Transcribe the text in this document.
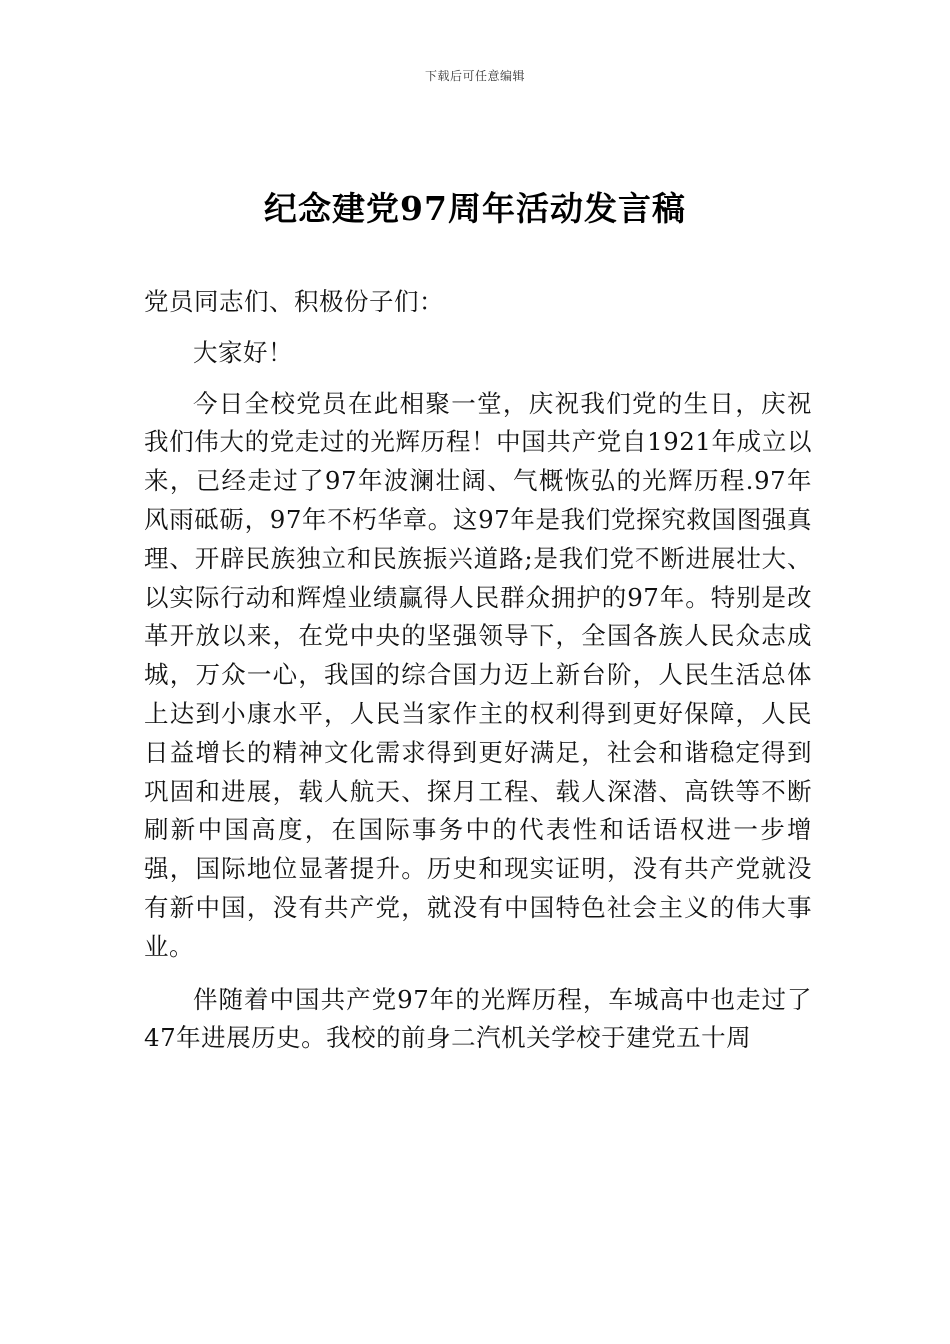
下载后可任意编辑
纪念建党97周年活动发言稿

党员同志们、积极份子们：

大家好！

今日全校党员在此相聚一堂，庆祝我们党的生日，庆祝我们伟大的党走过的光辉历程！中国共产党自1921年成立以来，已经走过了97年波澜壮阔、气概恢弘的光辉历程.97年风雨砥砺，97年不朽华章。这97年是我们党探究救国图强真理、开辟民族独立和民族振兴道路;是我们党不断进展壮大、以实际行动和辉煌业绩赢得人民群众拥护的97年。特别是改革开放以来，在党中央的坚强领导下，全国各族人民众志成城，万众一心，我国的综合国力迈上新台阶，人民生活总体上达到小康水平，人民当家作主的权利得到更好保障，人民日益增长的精神文化需求得到更好满足，社会和谐稳定得到巩固和进展，载人航天、探月工程、载人深潜、高铁等不断刷新中国高度，在国际事务中的代表性和话语权进一步增强，国际地位显著提升。历史和现实证明，没有共产党就没有新中国，没有共产党，就没有中国特色社会主义的伟大事业。

伴随着中国共产党97年的光辉历程，车城高中也走过了47年进展历史。我校的前身二汽机关学校于建党五十周
